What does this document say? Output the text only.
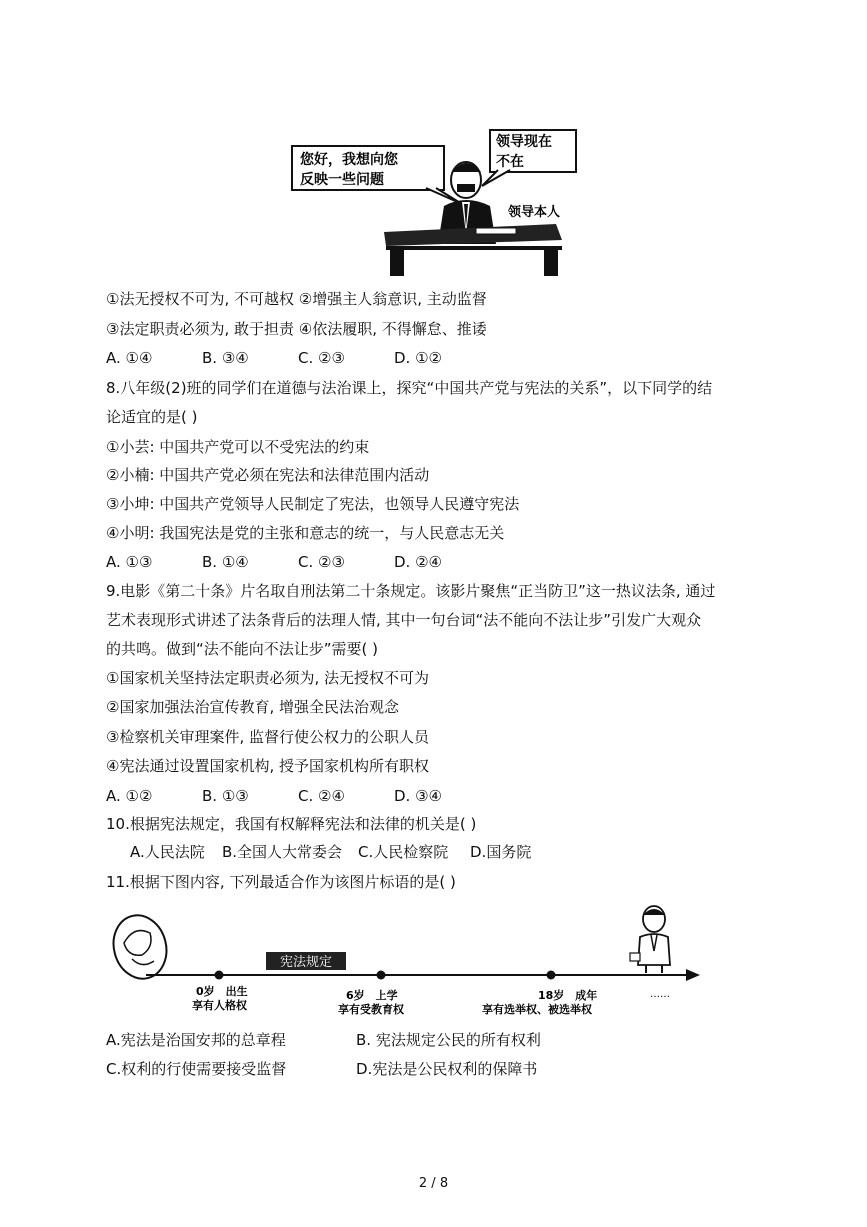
您好，我想向您
反映一些问题
领导现在
不在
领导本人
①法无授权不可为, 不可越权 ②增强主人翁意识, 主动监督
③法定职责必须为, 敢于担责 ④依法履职, 不得懈怠、推诿
A. ①④	B. ③④	C. ②③	D. ①②
8.八年级(2)班的同学们在道德与法治课上，探究“中国共产党与宪法的关系”，以下同学的结
论适宜的是( )
①小芸: 中国共产党可以不受宪法的约束
②小楠: 中国共产党必须在宪法和法律范围内活动
③小坤: 中国共产党领导人民制定了宪法，也领导人民遵守宪法
④小明: 我国宪法是党的主张和意志的统一，与人民意志无关
A. ①③	B. ①④	C. ②③	D. ②④
9.电影《第二十条》片名取自刑法第二十条规定。该影片聚焦“正当防卫”这一热议法条, 通过
艺术表现形式讲述了法条背后的法理人情, 其中一句台词“法不能向不法让步”引发广大观众
的共鸣。做到“法不能向不法让步”需要( )
①国家机关坚持法定职责必须为, 法无授权不可为
②国家加强法治宣传教育, 增强全民法治观念
③检察机关审理案件, 监督行使公权力的公职人员
④宪法通过设置国家机构, 授予国家机构所有职权
A. ①②	B. ①③	C. ②④	D. ③④
10.根据宪法规定，我国有权解释宪法和法律的机关是( )
A.人民法院 B.全国人大常委会 C.人民检察院 D.国务院
11.根据下图内容, 下列最适合作为该图片标语的是( )
宪法规定
0岁　出生
享有人格权
6岁　上学
享有受教育权
18岁　成年
享有选举权、被选举权
……
A.宪法是治国安邦的总章程	B. 宪法规定公民的所有权利
C.权利的行使需要接受监督	D.宪法是公民权利的保障书
2 / 8
